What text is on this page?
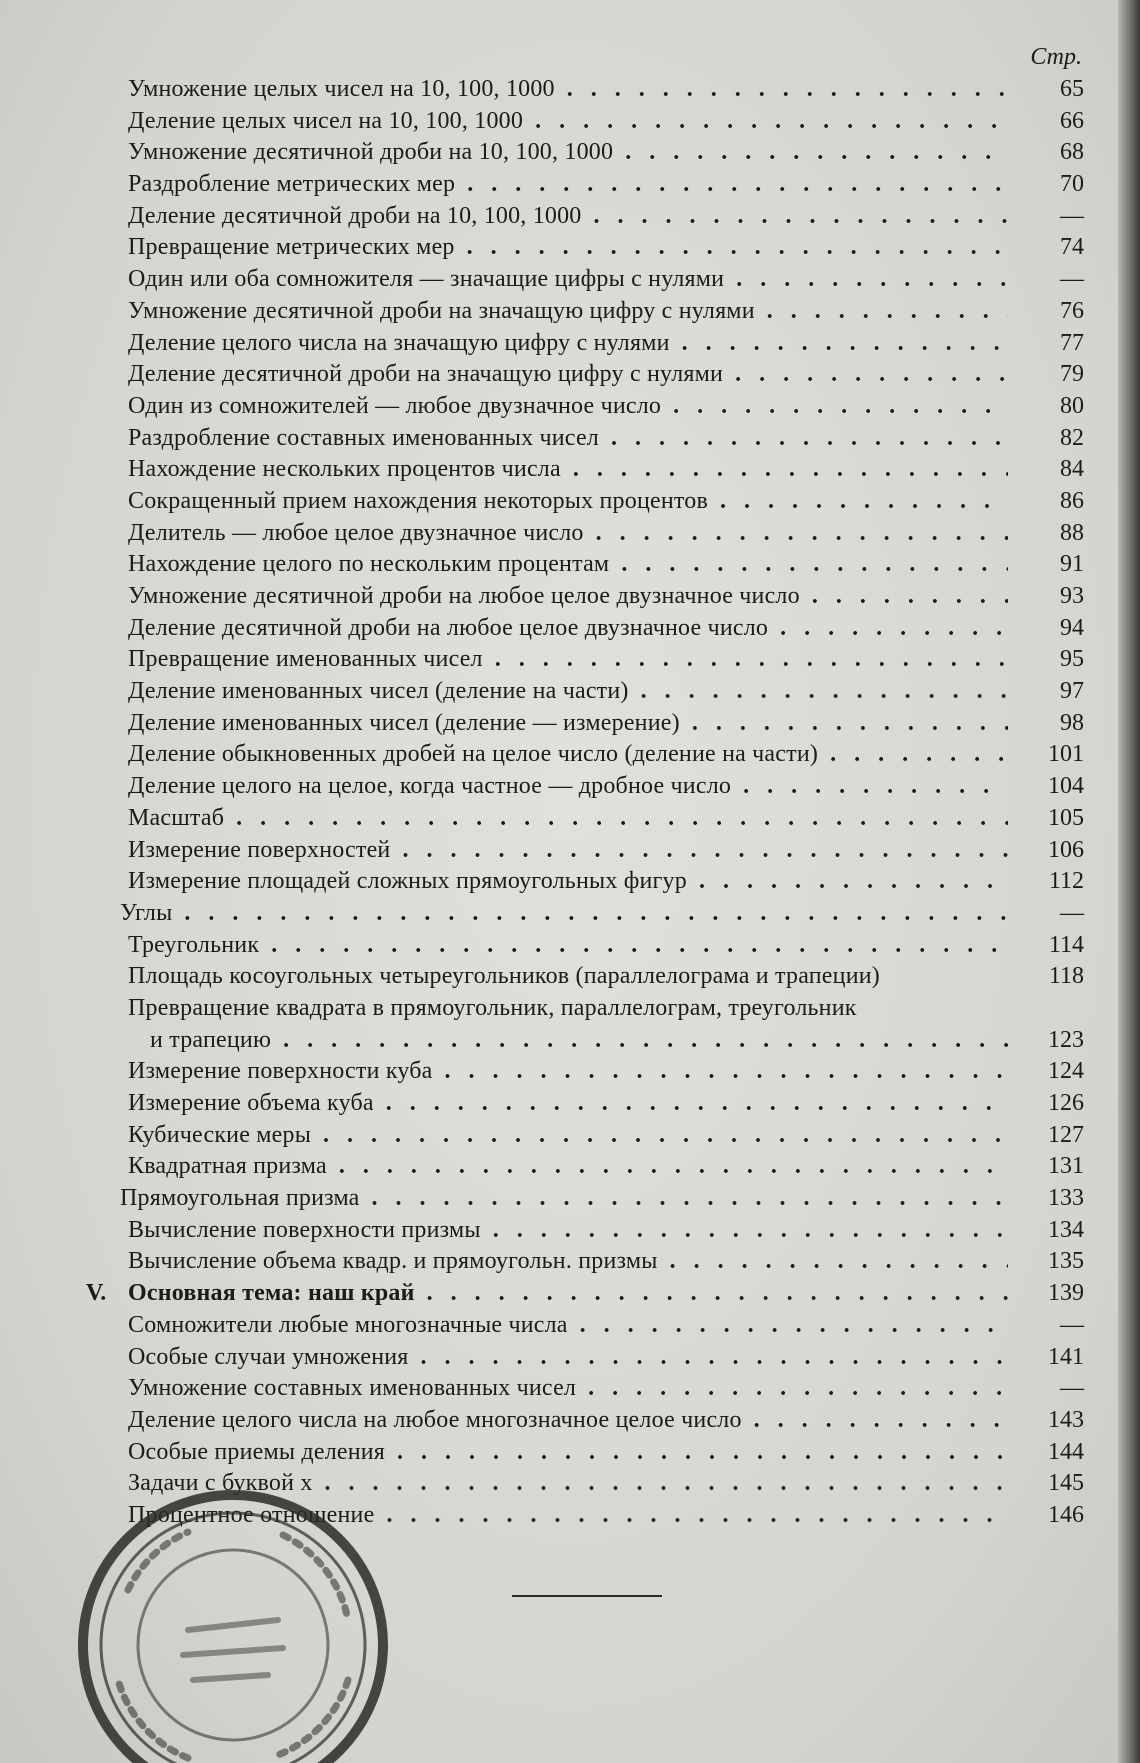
Стр.
Умножение целых чисел на 10, 100, 1000 . . .	65
Деление целых чисел на 10, 100, 1000 . . .	66
Умножение десятичной дроби на 10, 100, 1000 . . .	68
Раздробление метрических мер . . .	70
Деление десятичной дроби на 10, 100, 1000 . . .	—
Превращение метрических мер . . .	74
Один или оба сомножителя — значащие цифры с нулями . . .	—
Умножение десятичной дроби на значащую цифру с нулями . . .	76
Деление целого числа на значащую цифру с нулями . . .	77
Деление десятичной дроби на значащую цифру с нулями . . .	79
Один из сомножителей — любое двузначное число . . .	80
Раздробление составных именованных чисел . . .	82
Нахождение нескольких процентов числа . . .	84
Сокращенный прием нахождения некоторых процентов . . .	86
Делитель — любое целое двузначное число . . .	88
Нахождение целого по нескольким процентам . . .	91
Умножение десятичной дроби на любое целое двузначное число . . .	93
Деление десятичной дроби на любое целое двузначное число . . .	94
Превращение именованных чисел . . .	95
Деление именованных чисел (деление на части) . . .	97
Деление именованных чисел (деление — измерение) . . .	98
Деление обыкновенных дробей на целое число (деление на части) . . .	101
Деление целого на целое, когда частное — дробное число . . .	104
Масштаб . . .	105
Измерение поверхностей . . .	106
Измерение площадей сложных прямоугольных фигур . . .	112
Углы . . .	—
Треугольник . . .	114
Площадь косоугольных четыреугольников (параллелограма и трапеции)	118
Превращение квадрата в прямоугольник, параллелограм, треугольник
и трапецию . . .	123
Измерение поверхности куба . . .	124
Измерение объема куба . . .	126
Кубические меры . . .	127
Квадратная призма . . .	131
Прямоугольная призма . . .	133
Вычисление поверхности призмы . . .	134
Вычисление объема квадр. и прямоугольн. призмы . . .	135
V. Основная тема: наш край . . .	139
Сомножители любые многозначные числа . . .	—
Особые случаи умножения . . .	141
Умножение составных именованных чисел . . .	—
Деление целого числа на любое многозначное целое число . . .	143
Особые приемы деления . . .	144
Задачи с буквой x . . .	145
Процентное отношение . . .	146
